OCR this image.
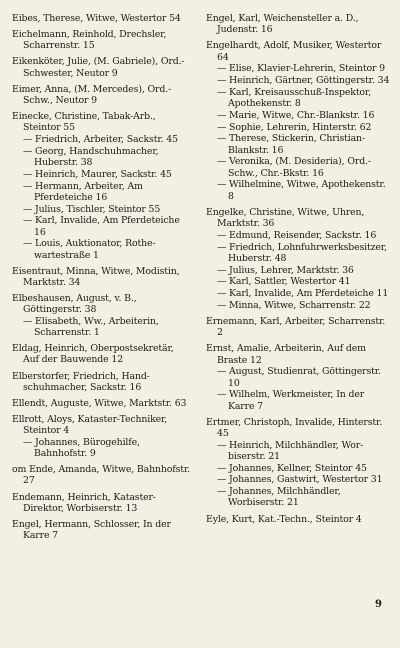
Eibes, Therese, Witwe, Westertor 54
Eichelmann, Reinhold, Drechsler, Scharrenstr. 15
Eikenköter, Julie, (M. Gabriele), Ord.-Schwester, Neutor 9
Eimer, Anna, (M. Mercedes), Ord.-Schw., Neutor 9
Einecke, Christine, Tabak-Arb., Steintor 55
— Friedrich, Arbeiter, Sackstr. 45
— Georg, Handschuhmacher, Huberstr. 38
— Heinrich, Maurer, Sackstr. 45
— Hermann, Arbeiter, Am Pferdeteiche 16
— Julius, Tischler, Steintor 55
— Karl, Invalide, Am Pferdeteiche 16
— Louis, Auktionator, Rothewartestraße 1
Eisentraut, Minna, Witwe, Modistin, Marktstr. 34
Elbeshausen, August, v. B., Göttingerstr. 38
— Elisabeth, Ww., Arbeiterin, Scharrenstr. 1
Eldag, Heinrich, Oberpostsekretär, Auf der Bauwende 12
Elberstorfer, Friedrich, Handschuhmacher, Sackstr. 16
Ellendt, Auguste, Witwe, Marktstr. 63
Ellrott, Aloys, Kataster-Techniker, Steintor 4
— Johannes, Bürogehilfe, Bahnhofstr. 9
om Ende, Amanda, Witwe, Bahnhofstr. 27
Endemann, Heinrich, KatasterDirektor, Worbiserstr. 13
Engel, Hermann, Schlosser, In der Karre 7
Engel, Karl, Weichensteller a. D., Judenstr. 16
Engelhardt, Adolf, Musiker, Westertor 64
— Elise, Klavier-Lehrerin, Steintor 9
— Heinrich, Gärtner, Göttingerstr. 34
— Karl, Kreisausschuß-Inspektor, Apothekenstr. 8
— Marie, Witwe, Chr.-Blankstr. 16
— Sophie, Lehrerin, Hinterstr. 62
— Therese, Stickerin, ChristianBlankstr. 16
— Veronika, (M. Desideria), Ord.-Schw., Chr.-Bkstr. 16
— Wilhelmine, Witwe, Apothekenstr. 8
Engelke, Christine, Witwe, Uhren, Marktstr. 36
— Edmund, Reisender, Sackstr. 16
— Friedrich, Lohnfuhrwerksbesitzer, Huberstr. 48
— Julius, Lehrer, Marktstr. 36
— Karl, Sattler, Westertor 41
— Karl, Invalide, Am Pferdeteiche 11
— Minna, Witwe, Scharrenstr. 22
Ernemann, Karl, Arbeiter, Scharrenstr. 2
Ernst, Amalie, Arbeiterin, Auf dem Braste 12
— August, Studienrat, Göttingerstr. 10
— Wilhelm, Werkmeister, In der Karre 7
Ertmer, Christoph, Invalide, Hinterstr. 45
— Heinrich, Milchhändler, Worbiserstr. 21
— Johannes, Kellner, Steintor 45
— Johannes, Gastwirt, Westertor 31
— Johannes, Milchhändler, Worbiserstr. 21
Eyle, Kurt, Kat.-Techn., Steintor 4
9
